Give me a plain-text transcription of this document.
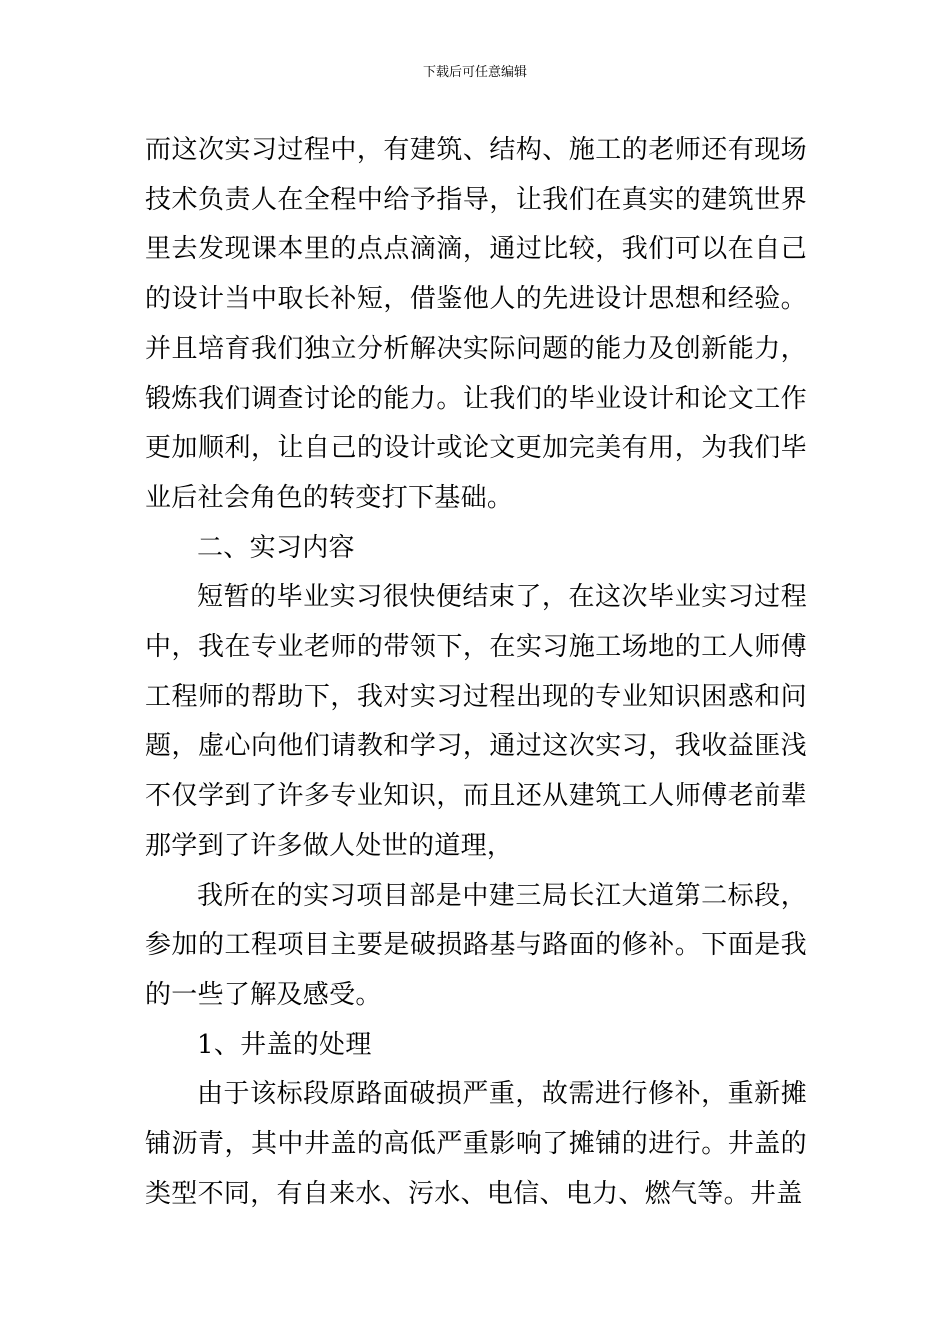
下载后可任意编辑

而这次实习过程中，有建筑、结构、施工的老师还有现场技术负责人在全程中给予指导，让我们在真实的建筑世界里去发现课本里的点点滴滴，通过比较，我们可以在自己的设计当中取长补短，借鉴他人的先进设计思想和经验。并且培育我们独立分析解决实际问题的能力及创新能力，锻炼我们调查讨论的能力。让我们的毕业设计和论文工作更加顺利，让自己的设计或论文更加完美有用，为我们毕业后社会角色的转变打下基础。

二、实习内容

短暂的毕业实习很快便结束了，在这次毕业实习过程中，我在专业老师的带领下，在实习施工场地的工人师傅工程师的帮助下，我对实习过程出现的专业知识困惑和问题，虚心向他们请教和学习，通过这次实习，我收益匪浅不仅学到了许多专业知识，而且还从建筑工人师傅老前辈那学到了许多做人处世的道理，

我所在的实习项目部是中建三局长江大道第二标段，参加的工程项目主要是破损路基与路面的修补。下面是我的一些了解及感受。

1、井盖的处理

由于该标段原路面破损严重，故需进行修补，重新摊铺沥青，其中井盖的高低严重影响了摊铺的进行。井盖的类型不同，有自来水、污水、电信、电力、燃气等。井盖
